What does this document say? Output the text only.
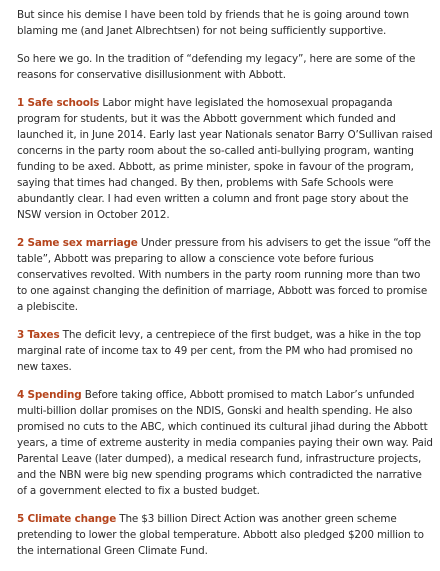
But since his demise I have been told by friends that he is going around town blaming me (and Janet Albrechtsen) for not being sufficiently supportive.

So here we go. In the tradition of “defending my legacy”, here are some of the reasons for conservative disillusionment with Abbott.

1 Safe schools Labor might have legislated the homosexual propaganda program for students, but it was the Abbott government which funded and launched it, in June 2014. Early last year Nationals senator Barry O’Sullivan raised concerns in the party room about the so-called anti-bullying program, wanting funding to be axed. Abbott, as prime minister, spoke in favour of the program, saying that times had changed. By then, problems with Safe Schools were abundantly clear. I had even written a column and front page story about the NSW version in October 2012.

2 Same sex marriage Under pressure from his advisers to get the issue “off the table”, Abbott was preparing to allow a conscience vote before furious conservatives revolted. With numbers in the party room running more than two to one against changing the definition of marriage, Abbott was forced to promise a plebiscite.

3 Taxes The deficit levy, a centrepiece of the first budget, was a hike in the top marginal rate of income tax to 49 per cent, from the PM who had promised no new taxes.

4 Spending Before taking office, Abbott promised to match Labor’s unfunded multi-billion dollar promises on the NDIS, Gonski and health spending. He also promised no cuts to the ABC, which continued its cultural jihad during the Abbott years, a time of extreme austerity in media companies paying their own way. Paid Parental Leave (later dumped), a medical research fund, infrastructure projects, and the NBN were big new spending programs which contradicted the narrative of a government elected to fix a busted budget.

5 Climate change The $3 billion Direct Action was another green scheme pretending to lower the global temperature. Abbott also pledged $200 million to the international Green Climate Fund.
